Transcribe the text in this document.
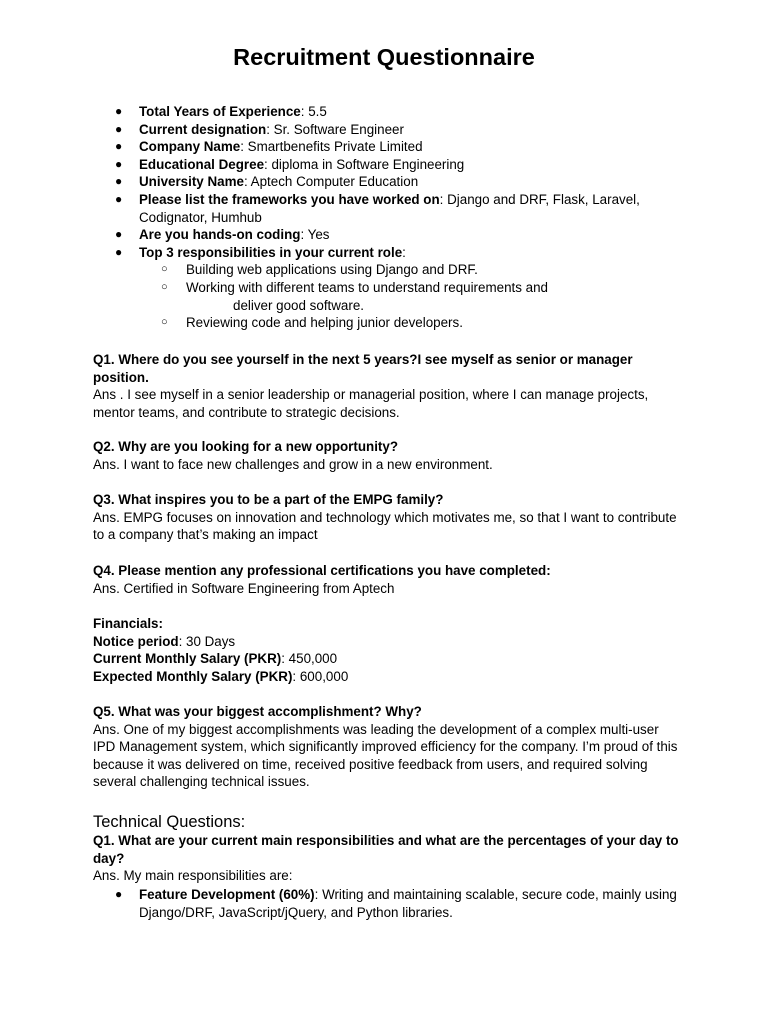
Recruitment Questionnaire
● Total Years of Experience: 5.5
● Current designation: Sr. Software Engineer
● Company Name: Smartbenefits Private Limited
● Educational Degree: diploma in Software Engineering
● University Name: Aptech Computer Education
● Please list the frameworks you have worked on: Django and DRF, Flask, Laravel, Codignator, Humhub
● Are you hands-on coding: Yes
● Top 3 responsibilities in your current role:
○ Building web applications using Django and DRF.
○ Working with different teams to understand requirements and
deliver good software.
○ Reviewing code and helping junior developers.
Q1. Where do you see yourself in the next 5 years?I see myself as senior or manager position.
Ans . I see myself in a senior leadership or managerial position, where I can manage projects, mentor teams, and contribute to strategic decisions.
Q2. Why are you looking for a new opportunity?
Ans. I want to face new challenges and grow in a new environment.
Q3. What inspires you to be a part of the EMPG family?
Ans. EMPG focuses on innovation and technology which motivates me, so that I want to contribute to a company that’s making an impact
Q4. Please mention any professional certifications you have completed:
Ans. Certified in Software Engineering from Aptech
Financials:
Notice period: 30 Days
Current Monthly Salary (PKR): 450,000
Expected Monthly Salary (PKR): 600,000
Q5. What was your biggest accomplishment? Why?
Ans. One of my biggest accomplishments was leading the development of a complex multi-user IPD Management system, which significantly improved efficiency for the company. I’m proud of this because it was delivered on time, received positive feedback from users, and required solving several challenging technical issues.
Technical Questions:
Q1. What are your current main responsibilities and what are the percentages of your day to day?
Ans. My main responsibilities are:
● Feature Development (60%): Writing and maintaining scalable, secure code, mainly using Django/DRF, JavaScript/jQuery, and Python libraries.
